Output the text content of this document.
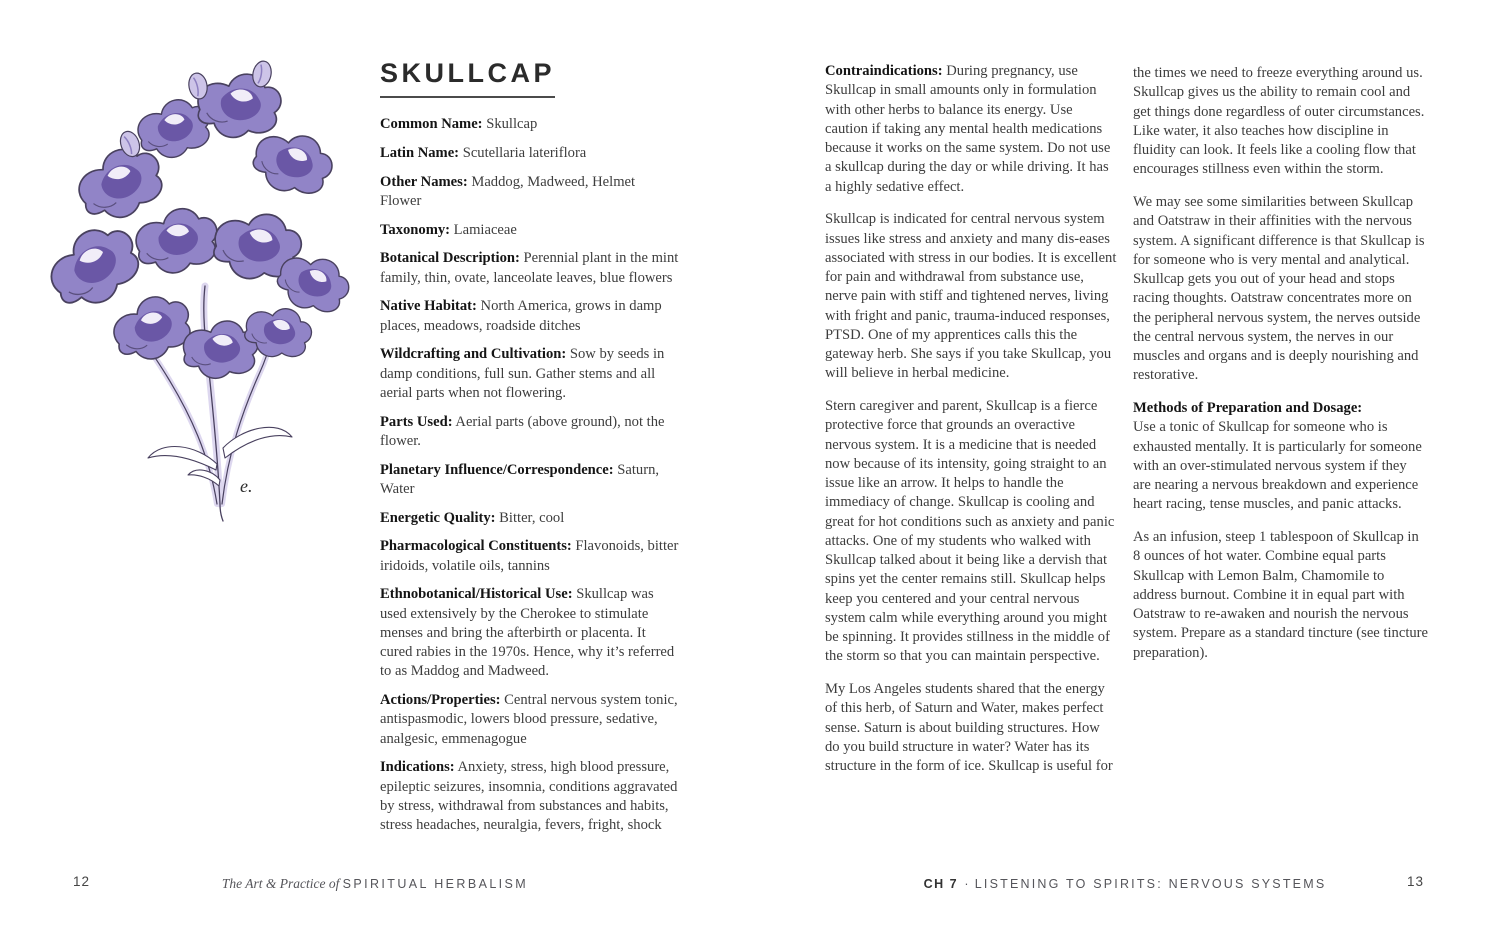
e.
SKULLCAP

Common Name: Skullcap

Latin Name: Scutellaria lateriflora

Other Names: Maddog, Madweed, Helmet Flower

Taxonomy: Lamiaceae

Botanical Description: Perennial plant in the mint family, thin, ovate, lanceolate leaves, blue flowers

Native Habitat: North America, grows in damp places, meadows, roadside ditches

Wildcrafting and Cultivation: Sow by seeds in damp conditions, full sun. Gather stems and all aerial parts when not flowering.

Parts Used: Aerial parts (above ground), not the flower.

Planetary Influence/Correspondence: Saturn, Water

Energetic Quality: Bitter, cool

Pharmacological Constituents: Flavonoids, bitter iridoids, volatile oils, tannins

Ethnobotanical/Historical Use: Skullcap was used extensively by the Cherokee to stimulate menses and bring the afterbirth or placenta. It cured rabies in the 1970s. Hence, why it’s referred to as Maddog and Madweed.

Actions/Properties: Central nervous system tonic, antispasmodic, lowers blood pressure, sedative, analgesic, emmenagogue

Indications: Anxiety, stress, high blood pressure, epileptic seizures, insomnia, conditions aggravated by stress, withdrawal from substances and habits, stress headaches, neuralgia, fevers, fright, shock

12	The Art & Practice of SPIRITUAL HERBALISM

Contraindications: During pregnancy, use Skullcap in small amounts only in formulation with other herbs to balance its energy. Use caution if taking any mental health medications because it works on the same system. Do not use a skullcap during the day or while driving. It has a highly sedative effect.

Skullcap is indicated for central nervous system issues like stress and anxiety and many dis-eases associated with stress in our bodies. It is excellent for pain and withdrawal from substance use, nerve pain with stiff and tightened nerves, living with fright and panic, trauma-induced responses, PTSD. One of my apprentices calls this the gateway herb. She says if you take Skullcap, you will believe in herbal medicine.

Stern caregiver and parent, Skullcap is a fierce protective force that grounds an overactive nervous system. It is a medicine that is needed now because of its intensity, going straight to an issue like an arrow. It helps to handle the immediacy of change. Skullcap is cooling and great for hot conditions such as anxiety and panic attacks. One of my students who walked with Skullcap talked about it being like a dervish that spins yet the center remains still. Skullcap helps keep you centered and your central nervous system calm while everything around you might be spinning. It provides stillness in the middle of the storm so that you can maintain perspective.

My Los Angeles students shared that the energy of this herb, of Saturn and Water, makes perfect sense. Saturn is about building structures. How do you build structure in water? Water has its structure in the form of ice. Skullcap is useful for

the times we need to freeze everything around us. Skullcap gives us the ability to remain cool and get things done regardless of outer circumstances. Like water, it also teaches how discipline in fluidity can look. It feels like a cooling flow that encourages stillness even within the storm.

We may see some similarities between Skullcap and Oatstraw in their affinities with the nervous system. A significant difference is that Skullcap is for someone who is very mental and analytical. Skullcap gets you out of your head and stops racing thoughts. Oatstraw concentrates more on the peripheral nervous system, the nerves outside the central nervous system, the nerves in our muscles and organs and is deeply nourishing and restorative.

Methods of Preparation and Dosage:
Use a tonic of Skullcap for someone who is exhausted mentally. It is particularly for someone with an over-stimulated nervous system if they are nearing a nervous breakdown and experience heart racing, tense muscles, and panic attacks.

As an infusion, steep 1 tablespoon of Skullcap in 8 ounces of hot water. Combine equal parts Skullcap with Lemon Balm, Chamomile to address burnout. Combine it in equal part with Oatstraw to re-awaken and nourish the nervous system. Prepare as a standard tincture (see tincture preparation).

CH 7 · LISTENING TO SPIRITS: NERVOUS SYSTEMS	13
